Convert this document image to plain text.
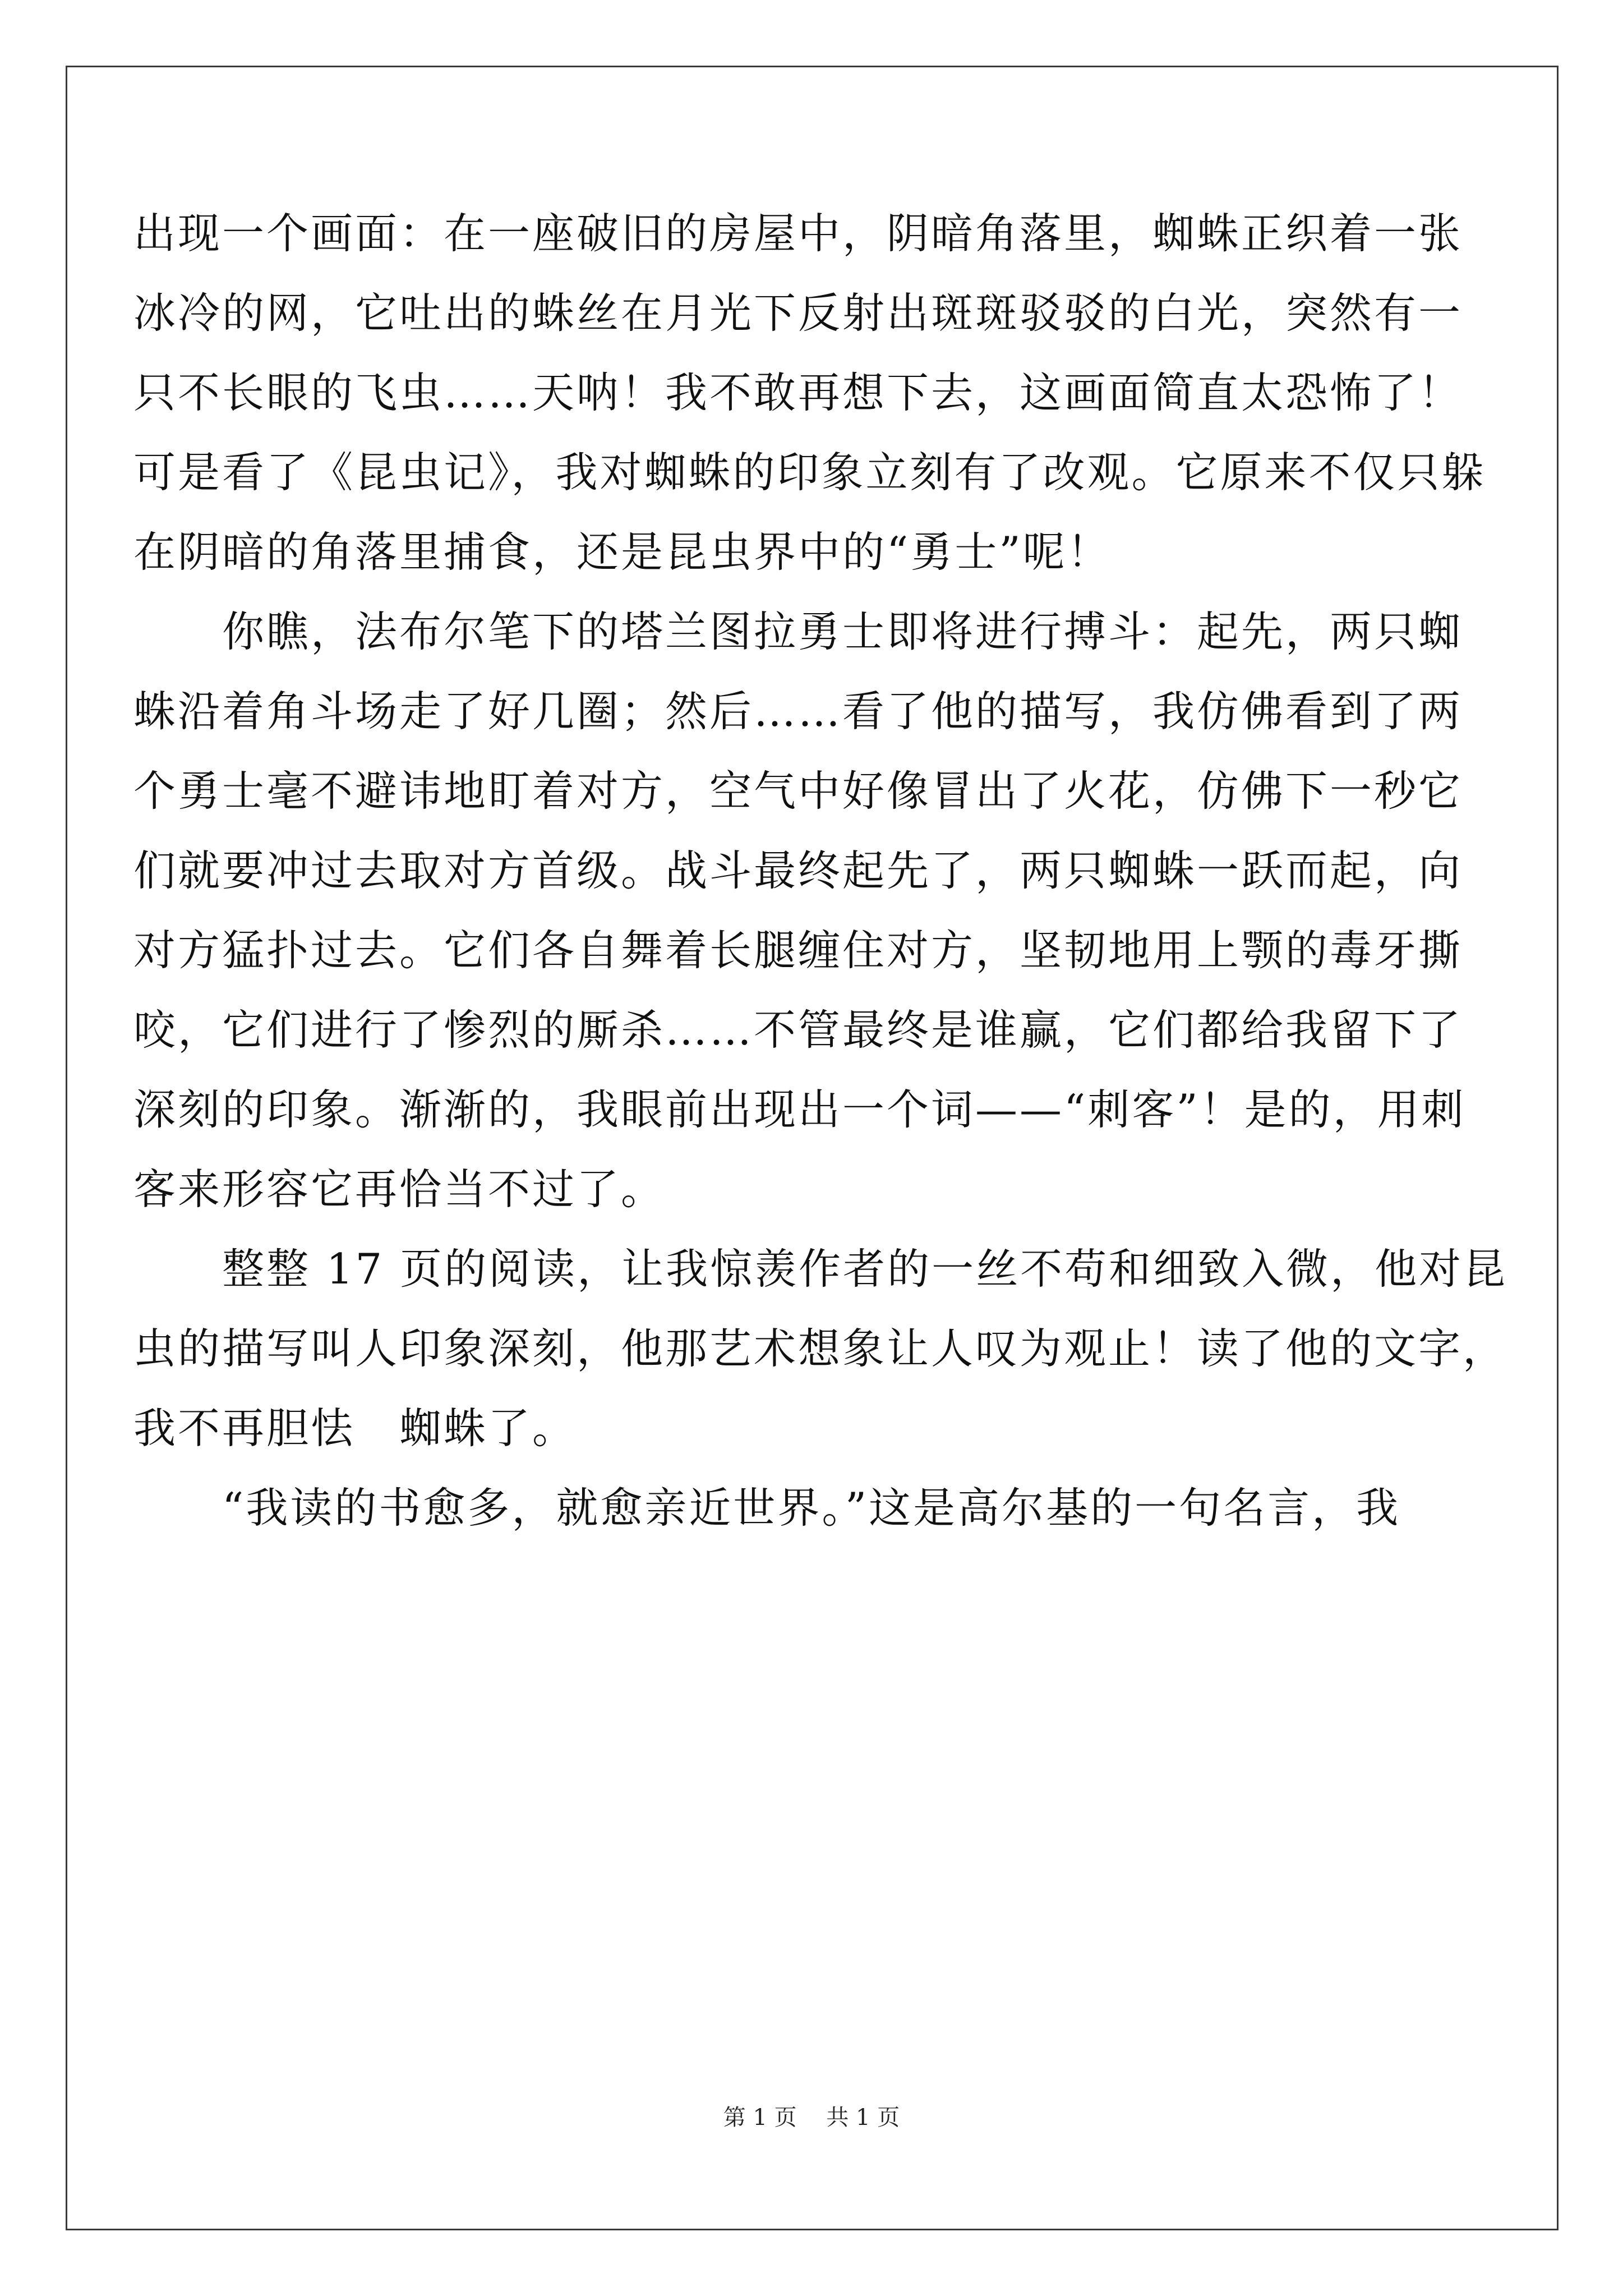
出现一个画面：在一座破旧的房屋中，阴暗角落里，蜘蛛正织着一张
冰冷的网，它吐出的蛛丝在月光下反射出斑斑驳驳的白光，突然有一
只不长眼的飞虫……天呐！我不敢再想下去，这画面简直太恐怖了！
可是看了《昆虫记》，我对蜘蛛的印象立刻有了改观。它原来不仅只躲
在阴暗的角落里捕食，还是昆虫界中的“勇士”呢！
　　你瞧，法布尔笔下的塔兰图拉勇士即将进行搏斗：起先，两只蜘
蛛沿着角斗场走了好几圈；然后……看了他的描写，我仿佛看到了两
个勇士毫不避讳地盯着对方，空气中好像冒出了火花，仿佛下一秒它
们就要冲过去取对方首级。战斗最终起先了，两只蜘蛛一跃而起，向
对方猛扑过去。它们各自舞着长腿缠住对方，坚韧地用上颚的毒牙撕
咬，它们进行了惨烈的厮杀……不管最终是谁赢，它们都给我留下了
深刻的印象。渐渐的，我眼前出现出一个词——“刺客”！是的，用刺
客来形容它再恰当不过了。
　　整整 17 页的阅读，让我惊羡作者的一丝不苟和细致入微，他对昆
虫的描写叫人印象深刻，他那艺术想象让人叹为观止！读了他的文字，
我不再胆怯　蜘蛛了。
　　“我读的书愈多，就愈亲近世界。”这是高尔基的一句名言，我
第 1 页　 共 1 页
